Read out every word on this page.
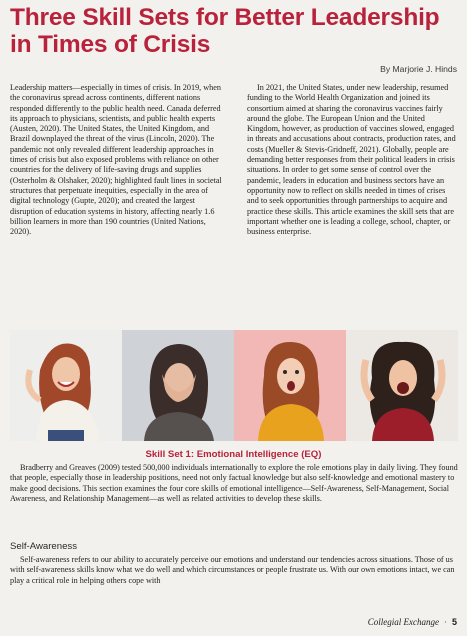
Three Skill Sets for Better Leadership in Times of Crisis
By Marjorie J. Hinds

Leadership matters—especially in times of crisis. In 2019, when the coronavirus spread across continents, different nations responded differently to the public health need. Canada deferred its approach to physicians, scientists, and public health experts (Austen, 2020). The United States, the United Kingdom, and Brazil downplayed the threat of the virus (Lincoln, 2020). The pandemic not only revealed different leadership approaches in times of crisis but also exposed problems with reliance on other countries for the delivery of life-saving drugs and supplies (Osterholm & Olshaker, 2020); highlighted fault lines in societal structures that perpetuate inequities, especially in the area of digital technology (Gupte, 2020); and created the largest disruption of education systems in history, affecting nearly 1.6 billion learners in more than 190 countries (United Nations, 2020).

In 2021, the United States, under new leadership, resumed funding to the World Health Organization and joined its consortium aimed at sharing the coronavirus vaccines fairly around the globe. The European Union and the United Kingdom, however, as production of vaccines slowed, engaged in threats and accusations about contracts, production rates, and costs (Mueller & Stevis-Gridneff, 2021). Globally, people are demanding better responses from their political leaders in crisis situations. In order to get some sense of control over the pandemic, leaders in education and business sectors have an opportunity now to reflect on skills needed in times of crises and to seek opportunities through partnerships to acquire and practice these skills. This article examines the skill sets that are important whether one is leading a college, school, chapter, or business enterprise.

Skill Set 1: Emotional Intelligence (EQ)

Bradberry and Greaves (2009) tested 500,000 individuals internationally to explore the role emotions play in daily living. They found that people, especially those in leadership positions, need not only factual knowledge but also self-knowledge and emotional mastery to make good decisions. This section examines the four core skills of emotional intelligence—Self-Awareness, Self-Management, Social Awareness, and Relationship Management—as well as related activities to develop these skills.

Self-Awareness

Self-awareness refers to our ability to accurately perceive our emotions and understand our tendencies across situations. Those of us with self-awareness skills know what we do well and which circumstances or people frustrate us. With our own emotions intact, we can play a critical role in helping others cope with

Collegial Exchange · 5
